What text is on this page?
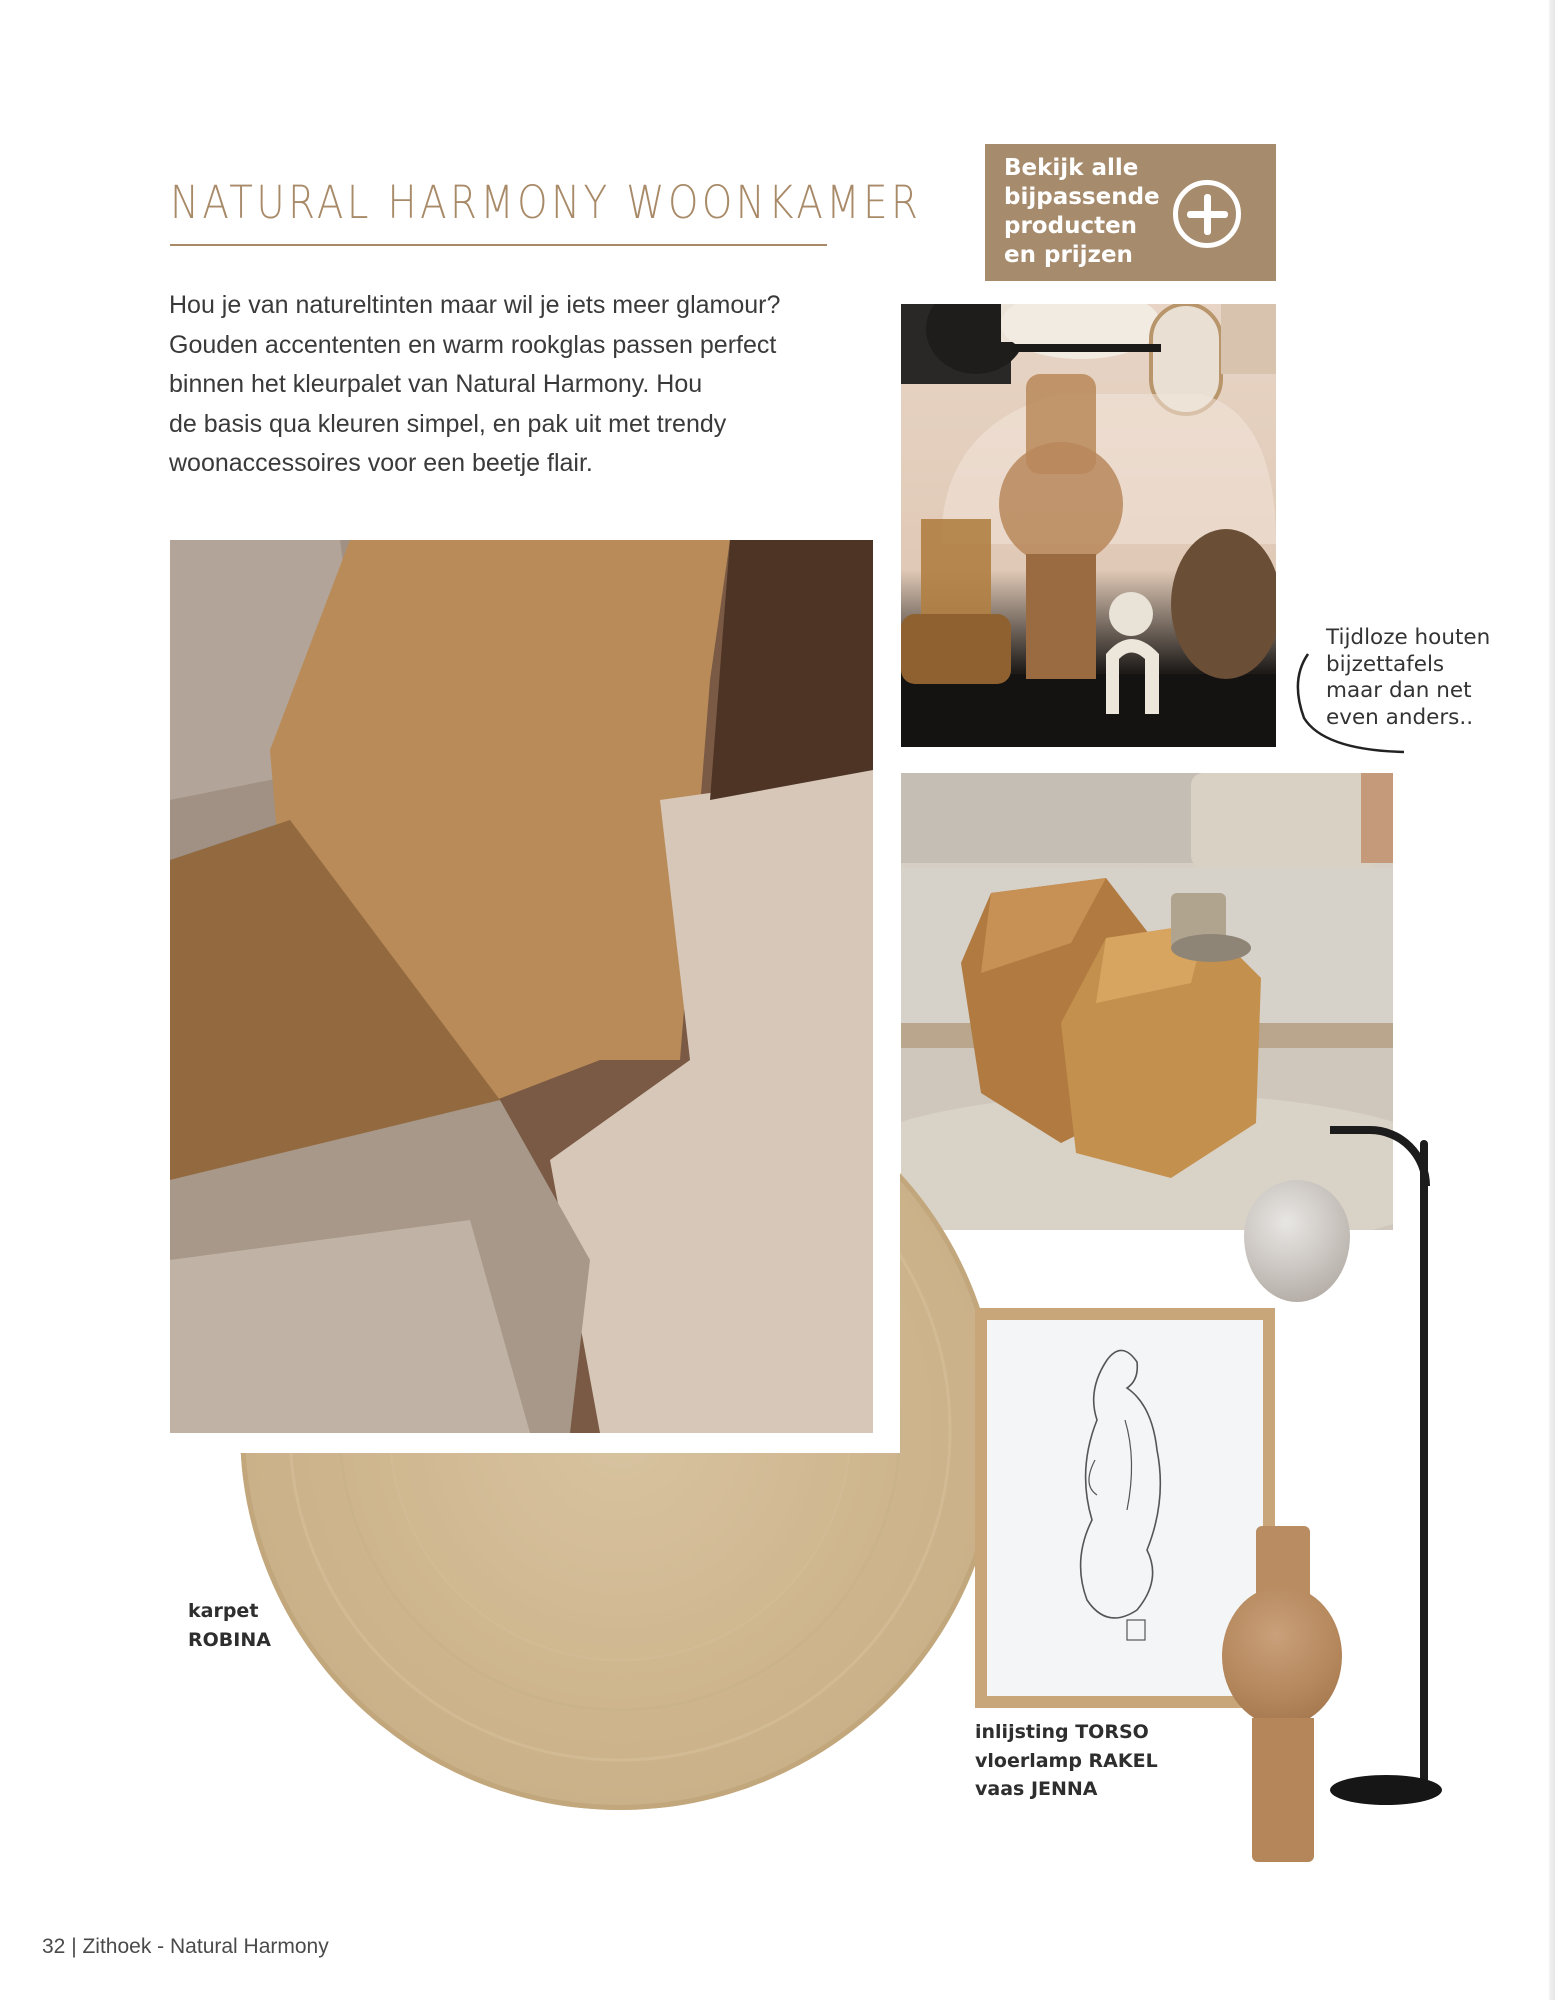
NATURAL HARMONY WOONKAMER

Hou je van natureltinten maar wil je iets meer glamour?
Gouden accententen en warm rookglas passen perfect
binnen het kleurpalet van Natural Harmony. Hou
de basis qua kleuren simpel, en pak uit met trendy
woonaccessoires voor een beetje flair.

Bekijk alle
bijpassende
producten
en prijzen
Tijdloze houten
bijzettafels
maar dan net
even anders..
karpet
ROBINA
inlijsting TORSO
vloerlamp RAKEL
vaas JENNA
32 | Zithoek - Natural Harmony
